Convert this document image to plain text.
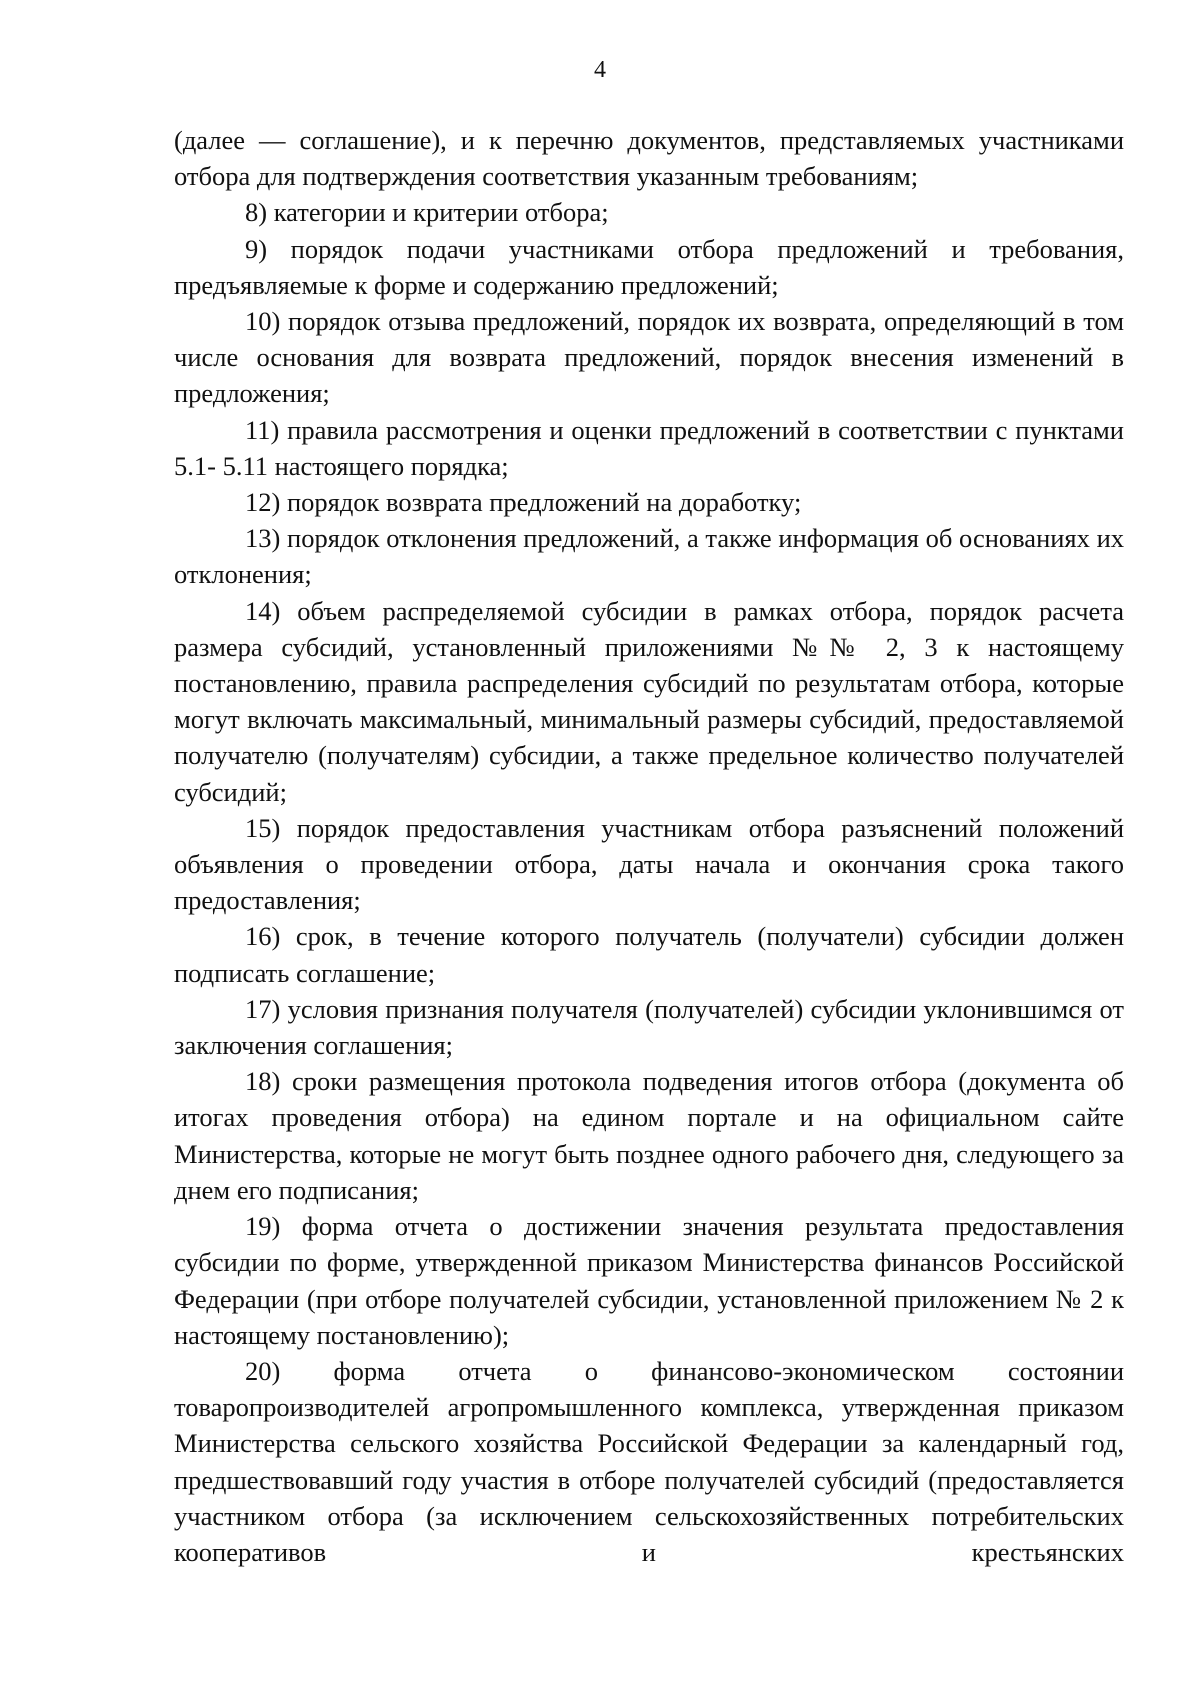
4

(далее — соглашение), и к перечню документов, представляемых участниками отбора для подтверждения соответствия указанным требованиям;

8) категории и критерии отбора;

9) порядок подачи участниками отбора предложений и требования, предъявляемые к форме и содержанию предложений;

10) порядок отзыва предложений, порядок их возврата, определяющий в том числе основания для возврата предложений, порядок внесения изменений в предложения;

11) правила рассмотрения и оценки предложений в соответствии с пунктами 5.1- 5.11 настоящего порядка;

12) порядок возврата предложений на доработку;

13) порядок отклонения предложений, а также информация об основаниях их отклонения;

14) объем распределяемой субсидии в рамках отбора, порядок расчета размера субсидий, установленный приложениями №№ 2, 3 к настоящему постановлению, правила распределения субсидий по результатам отбора, которые могут включать максимальный, минимальный размеры субсидий, предоставляемой получателю (получателям) субсидии, а также предельное количество получателей субсидий;

15) порядок предоставления участникам отбора разъяснений положений объявления о проведении отбора, даты начала и окончания срока такого предоставления;

16) срок, в течение которого получатель (получатели) субсидии должен подписать соглашение;

17) условия признания получателя (получателей) субсидии уклонившимся от заключения соглашения;

18) сроки размещения протокола подведения итогов отбора (документа об итогах проведения отбора) на едином портале и на официальном сайте Министерства, которые не могут быть позднее одного рабочего дня, следующего за днем его подписания;

19) форма отчета о достижении значения результата предоставления субсидии по форме, утвержденной приказом Министерства финансов Российской Федерации (при отборе получателей субсидии, установленной приложением № 2 к настоящему постановлению);

20) форма отчета о финансово-экономическом состоянии товаропроизводителей агропромышленного комплекса, утвержденная приказом Министерства сельского хозяйства Российской Федерации за календарный год, предшествовавший году участия в отборе получателей субсидий (предоставляется участником отбора (за исключением сельскохозяйственных потребительских кооперативов и крестьянских
